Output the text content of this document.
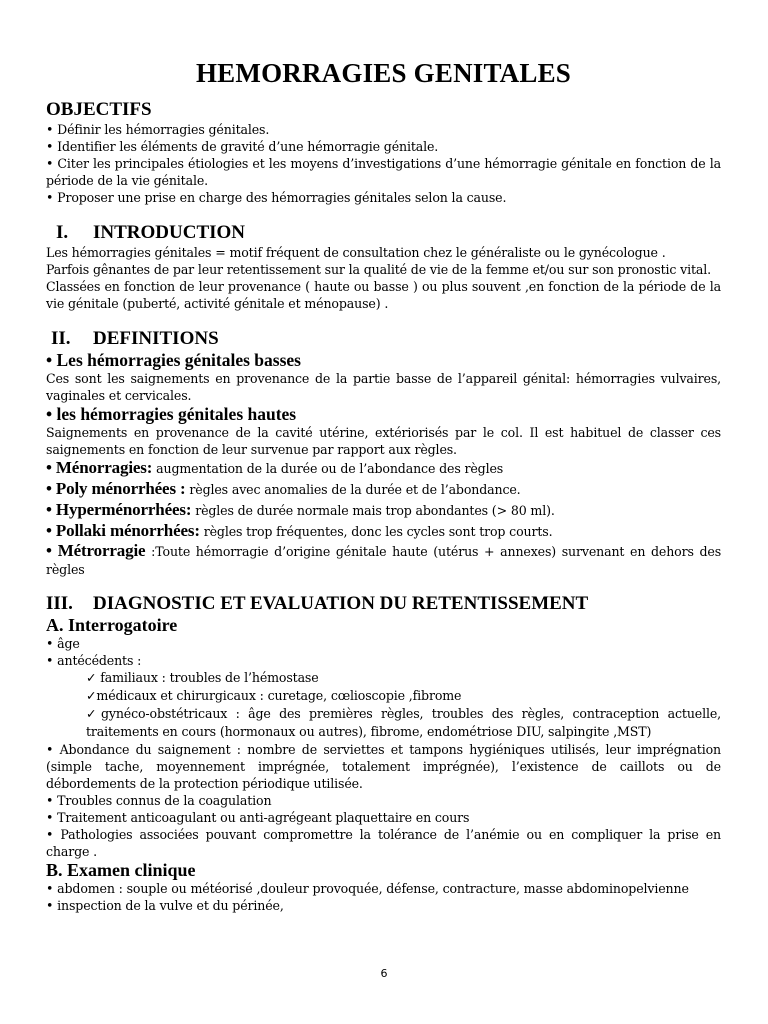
HEMORRAGIES GENITALES
OBJECTIFS
• Définir les hémorragies génitales.
• Identifier les éléments de gravité d’une hémorragie génitale.
• Citer les principales étiologies et les moyens d’investigations d’une hémorragie génitale en fonction de la période de la vie génitale.
• Proposer une prise en charge des hémorragies génitales selon la cause.
I.	INTRODUCTION
Les hémorragies génitales = motif fréquent de consultation chez le généraliste ou le gynécologue .
Parfois gênantes de par leur retentissement sur la qualité de vie de la femme et/ou sur son pronostic vital.
Classées en fonction de leur provenance ( haute ou basse ) ou plus souvent ,en fonction de la période de la vie génitale (puberté, activité génitale et ménopause) .
II.	DEFINITIONS
• Les hémorragies génitales basses
Ces sont les saignements en provenance de la partie basse de l’appareil génital: hémorragies vulvaires, vaginales et cervicales.
• les hémorragies génitales hautes
Saignements en provenance de la cavité utérine, extériorisés par le col. Il est habituel de classer ces saignements en fonction de leur survenue par rapport aux règles.
• Ménorragies: augmentation de la durée ou de l’abondance des règles
• Poly ménorrhées : règles avec anomalies de la durée et de l’abondance.
• Hyperménorrhées: règles de durée normale mais trop abondantes (> 80 ml).
• Pollaki ménorrhées: règles trop fréquentes, donc les cycles sont trop courts.
• Métrorragie :Toute hémorragie d’origine génitale haute (utérus + annexes) survenant en dehors des règles
III.	DIAGNOSTIC ET EVALUATION DU RETENTISSEMENT
A. Interrogatoire
• âge
• antécédents :
✓ familiaux : troubles de l’hémostase
✓médicaux et chirurgicaux : curetage, cœlioscopie ,fibrome
✓gynéco-obstétricaux : âge des premières règles, troubles des règles, contraception actuelle, traitements en cours (hormonaux ou autres), fibrome, endométriose DIU, salpingite ,MST)
• Abondance du saignement : nombre de serviettes et tampons hygiéniques utilisés, leur imprégnation (simple tache, moyennement imprégnée, totalement imprégnée), l’existence de caillots ou de débordements de la protection périodique utilisée.
• Troubles connus de la coagulation
• Traitement anticoagulant ou anti-agrégeant plaquettaire en cours
• Pathologies associées pouvant compromettre la tolérance de l’anémie ou en compliquer la prise en charge .
B. Examen clinique
• abdomen : souple ou météorisé ,douleur provoquée, défense, contracture, masse abdominopelvienne
• inspection de la vulve et du périnée,
6
